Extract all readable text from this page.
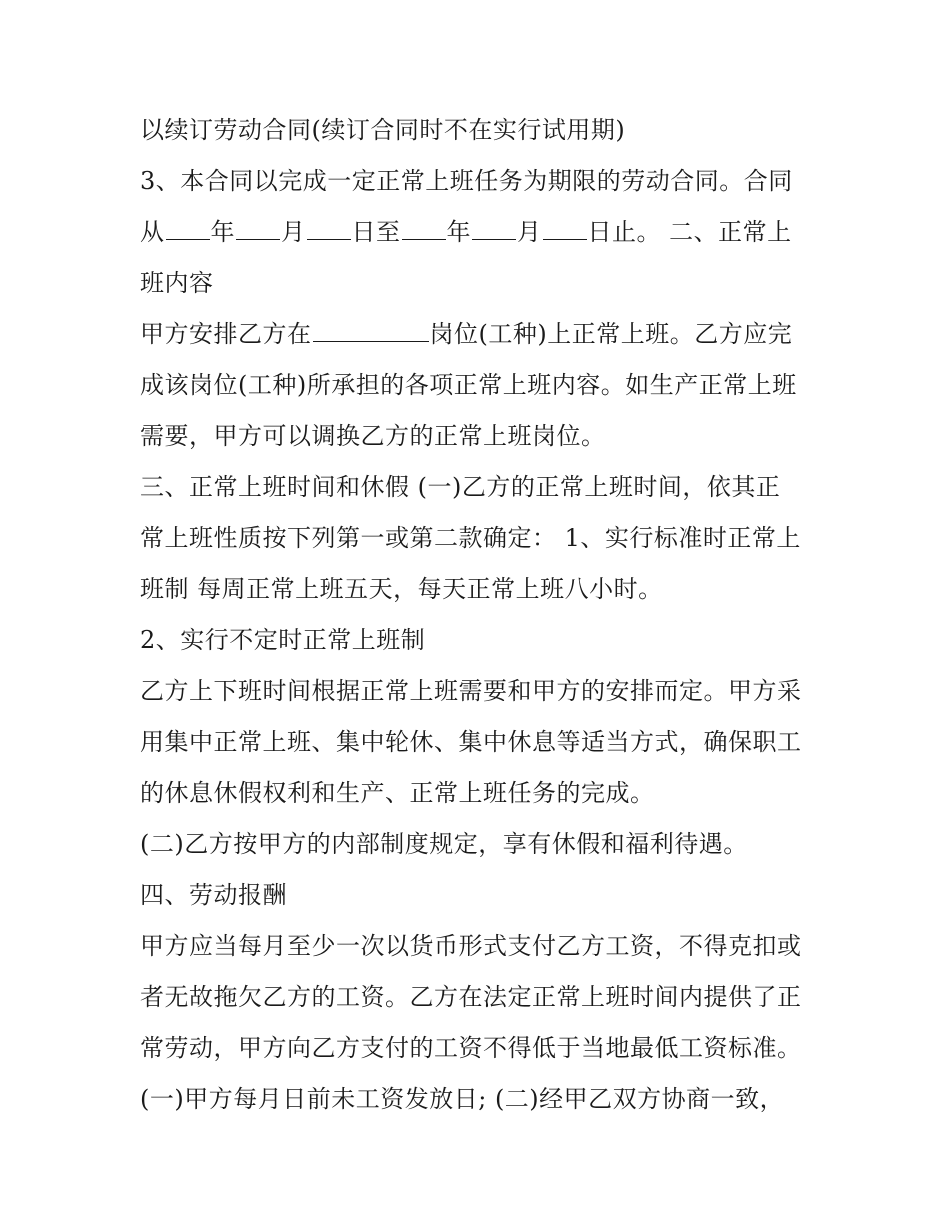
以续订劳动合同(续订合同时不在实行试用期)
3、本合同以完成一定正常上班任务为期限的劳动合同。合同
从 年 月 日至 年 月 日止。 二、正常上
班内容
甲方安排乙方在	岗位(工种)上正常上班。乙方应完
成该岗位(工种)所承担的各项正常上班内容。如生产正常上班
需要，甲方可以调换乙方的正常上班岗位。
三、正常上班时间和休假 (一)乙方的正常上班时间，依其正
常上班性质按下列第一或第二款确定： 1、实行标准时正常上
班制 每周正常上班五天，每天正常上班八小时。
2、实行不定时正常上班制
乙方上下班时间根据正常上班需要和甲方的安排而定。甲方采
用集中正常上班、集中轮休、集中休息等适当方式，确保职工
的休息休假权利和生产、正常上班任务的完成。
(二)乙方按甲方的内部制度规定，享有休假和福利待遇。
四、劳动报酬
甲方应当每月至少一次以货币形式支付乙方工资，不得克扣或
者无故拖欠乙方的工资。乙方在法定正常上班时间内提供了正
常劳动，甲方向乙方支付的工资不得低于当地最低工资标准。
(一)甲方每月日前未工资发放日; (二)经甲乙双方协商一致，
